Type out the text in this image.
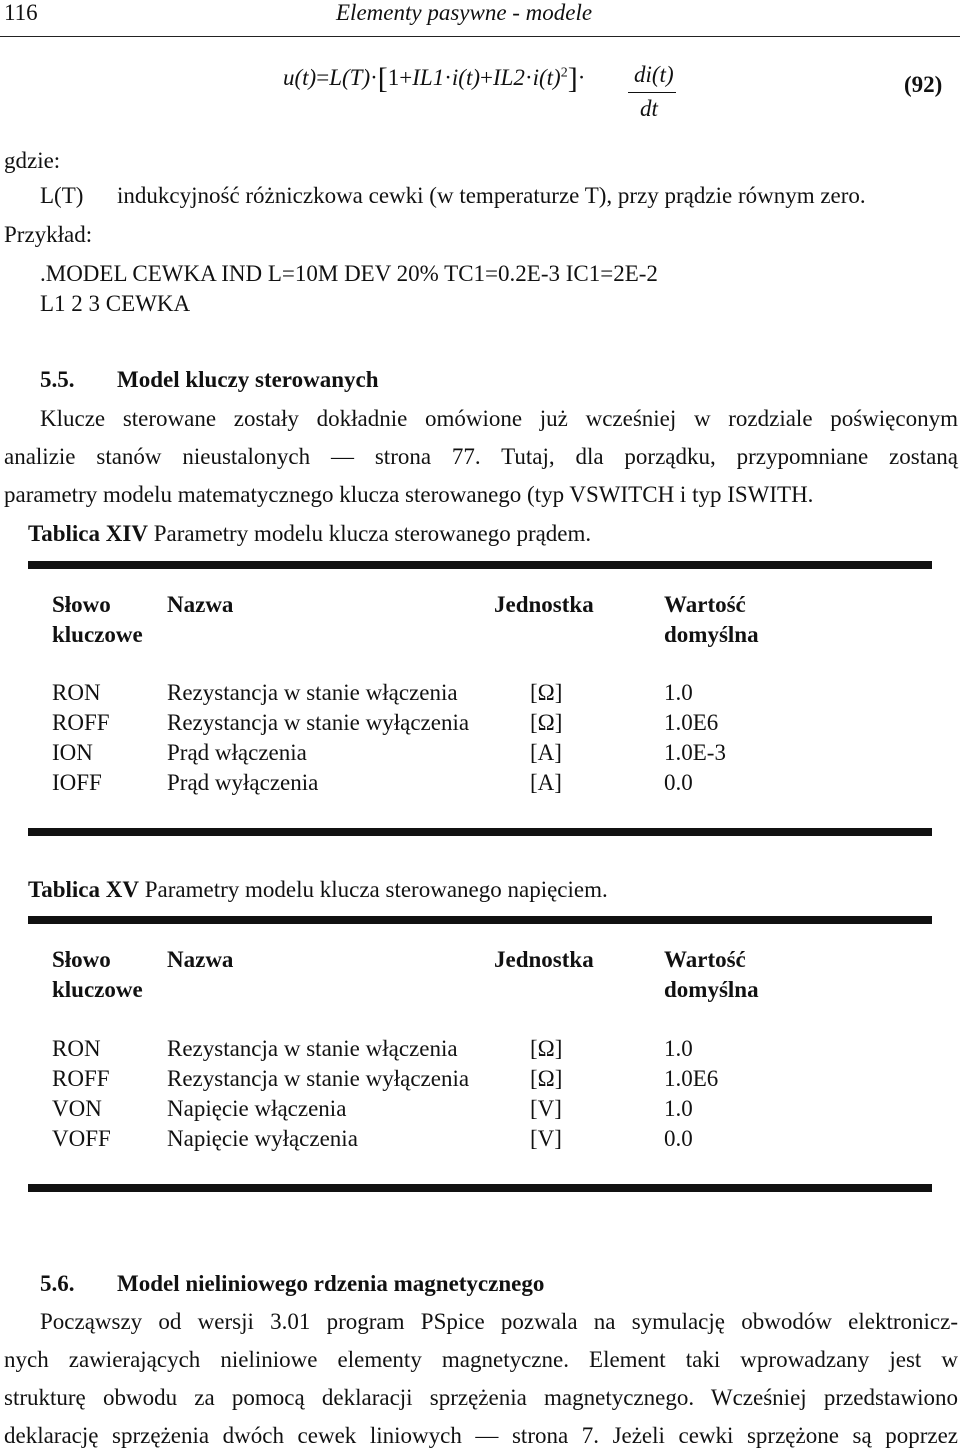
116	Elementy pasywne - modele
$u(t)=L(T)\cdot[1+IL1\cdot i(t)+IL2\cdot i(t)^2]\cdot di(t)$
dt
(92)
gdzie:
L(T) indukcyjność różniczkowa cewki (w temperaturze T), przy prądzie równym zero.
Przykład:
.MODEL CEWKA IND L=10M DEV 20% TC1=0.2E-3 IC1=2E-2
L1 2 3 CEWKA
5.5. Model kluczy sterowanych
Klucze sterowane zostały dokładnie omówione już wcześniej w rozdziale poświęconym
analizie stanów nieustalonych — strona 77. Tutaj, dla porządku, przypomniane zostaną
parametry modelu matematycznego klucza sterowanego (typ VSWITCH i typ ISWITH.
Tablica XIV Parametry modelu klucza sterowanego prądem.
Słowo
kluczowe
Nazwa	Jednostka	Wartość
domyślna
RON	Rezystancja w stanie włączenia	[Ω]	1.0
ROFF Rezystancja w stanie wyłączenia	[Ω]	1.0E6
ION	Prąd włączenia	[A]	1.0E-3
IOFF	Prąd wyłączenia	[A]	0.0
Tablica XV Parametry modelu klucza sterowanego napięciem.
Słowo
kluczowe
Nazwa	Jednostka	Wartość
domyślna
RON	Rezystancja w stanie włączenia	[Ω]	1.0
ROFF Rezystancja w stanie wyłączenia	[Ω]	1.0E6
VON	Napięcie włączenia	[V]	1.0
VOFF Napięcie wyłączenia	[V]	0.0
5.6. Model nieliniowego rdzenia magnetycznego
Począwszy od wersji 3.01 program PSpice pozwala na symulację obwodów elektronicz-
nych zawierających nieliniowe elementy magnetyczne. Element taki wprowadzany jest w
strukturę obwodu za pomocą deklaracji sprzężenia magnetycznego. Wcześniej przedstawiono
deklarację sprzężenia dwóch cewek liniowych — strona 7. Jeżeli cewki sprzężone są poprzez
